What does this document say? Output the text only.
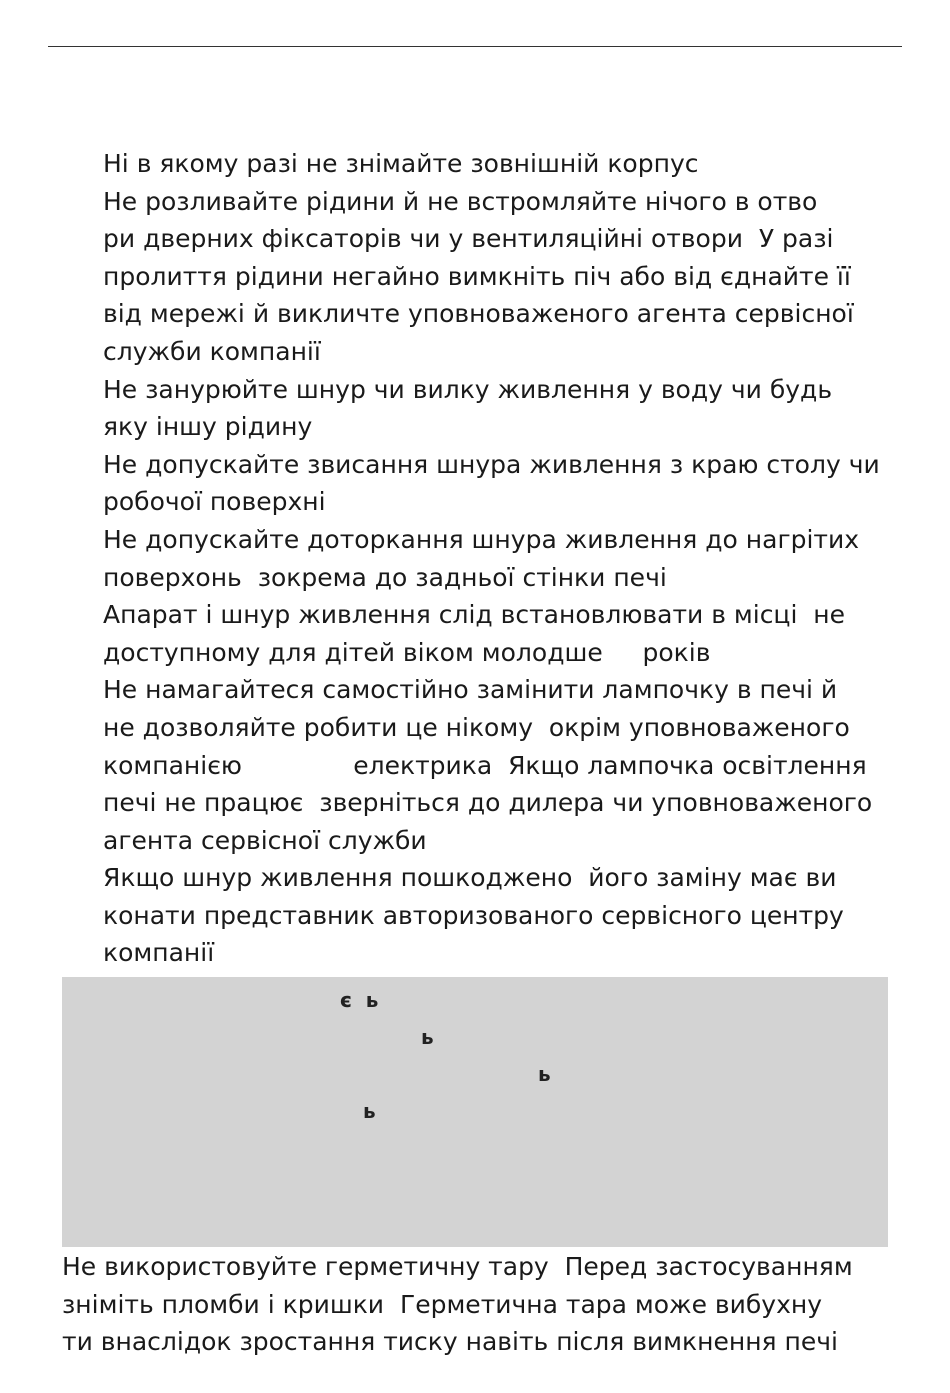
Ні в якому разі не знімайте зовнішній корпус
Не розливайте рідини й не встромляйте нічого в отво
ри дверних фіксаторів чи у вентиляційні отвори  У разі
пролиття рідини негайно вимкніть піч або від єднайте її
від мережі й викличте уповноваженого агента сервісної
служби компанії
Не занурюйте шнур чи вилку живлення у воду чи будь
яку іншу рідину
Не допускайте звисання шнура живлення з краю столу чи
робочої поверхні
Не допускайте доторкання шнура живлення до нагрітих
поверхонь  зокрема до задньої стінки печі
Апарат і шнур живлення слід встановлювати в місці  не
доступному для дітей віком молодше     років
Не намагайтеся самостійно замінити лампочку в печі й
не дозволяйте робити це нікому  окрім уповноваженого
компанією              електрика  Якщо лампочка освітлення
печі не працює  зверніться до дилера чи уповноваженого
агента сервісної служби
Якщо шнур живлення пошкоджено  його заміну має ви
конати представник авторизованого сервісного центру
компанії
є  ь
ь
ь
ь
Не використовуйте герметичну тару  Перед застосуванням
зніміть пломби і кришки  Герметична тара може вибухну
ти внаслідок зростання тиску навіть після вимкнення печі
